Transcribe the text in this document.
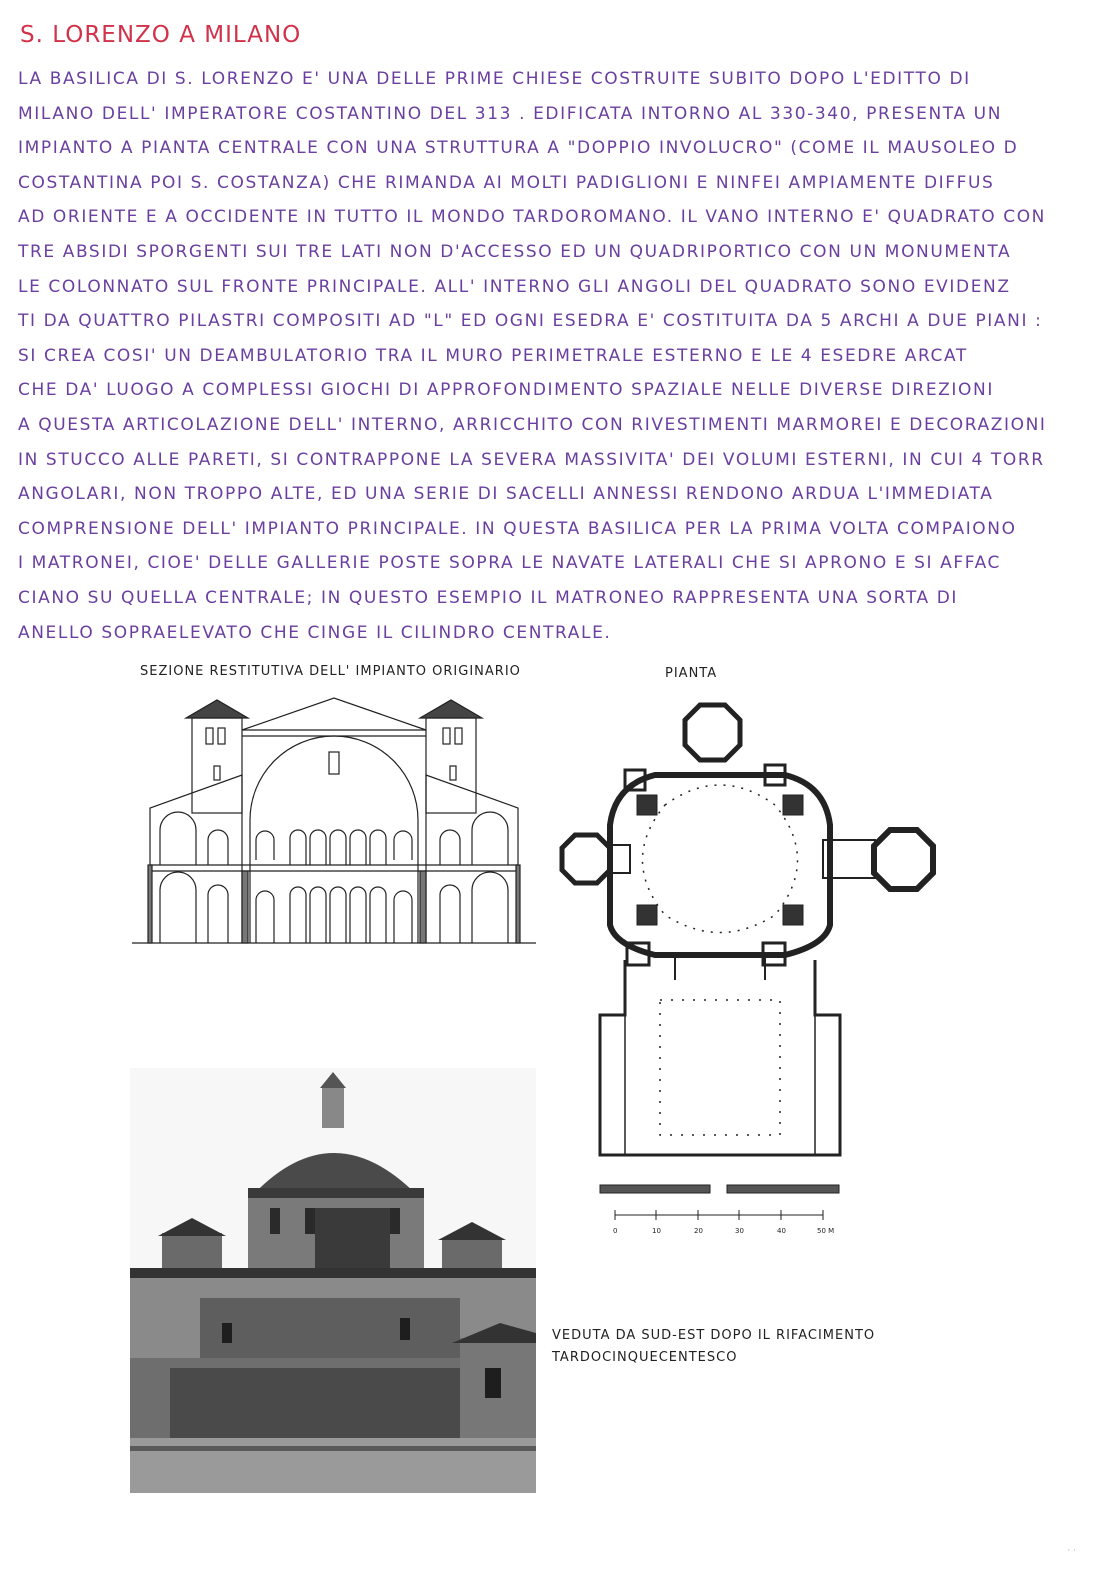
S. LORENZO A MILANO
LA BASILICA DI S. LORENZO E' UNA DELLE PRIME CHIESE COSTRUITE SUBITO DOPO L'EDITTO DI
MILANO DELL' IMPERATORE COSTANTINO DEL 313 . EDIFICATA INTORNO AL 330-340, PRESENTA UN
IMPIANTO A PIANTA CENTRALE CON UNA STRUTTURA A "DOPPIO INVOLUCRO" (COME IL MAUSOLEO D
COSTANTINA POI S. COSTANZA) CHE RIMANDA AI MOLTI PADIGLIONI E NINFEI AMPIAMENTE DIFFUS
AD ORIENTE E A OCCIDENTE IN TUTTO IL MONDO TARDOROMANO. IL VANO INTERNO E' QUADRATO CON
TRE ABSIDI SPORGENTI SUI TRE LATI NON D'ACCESSO ED UN QUADRIPORTICO CON UN MONUMENTA
LE COLONNATO SUL FRONTE PRINCIPALE. ALL' INTERNO GLI ANGOLI DEL QUADRATO SONO EVIDENZ
TI DA QUATTRO PILASTRI COMPOSITI AD "L" ED OGNI ESEDRA E' COSTITUITA DA 5 ARCHI A DUE PIANI :
SI CREA COSI' UN DEAMBULATORIO TRA IL MURO PERIMETRALE ESTERNO E LE 4 ESEDRE ARCAT
CHE DA' LUOGO A COMPLESSI GIOCHI DI APPROFONDIMENTO SPAZIALE NELLE DIVERSE DIREZIONI
A QUESTA ARTICOLAZIONE DELL' INTERNO, ARRICCHITO CON RIVESTIMENTI MARMOREI E DECORAZIONI
IN STUCCO ALLE PARETI, SI CONTRAPPONE LA SEVERA MASSIVITA' DEI VOLUMI ESTERNI, IN CUI 4 TORR
ANGOLARI, NON TROPPO ALTE, ED UNA SERIE DI SACELLI ANNESSI RENDONO ARDUA L'IMMEDIATA
COMPRENSIONE DELL' IMPIANTO PRINCIPALE. IN QUESTA BASILICA PER LA PRIMA VOLTA COMPAIONO
I MATRONEI, CIOE' DELLE GALLERIE POSTE SOPRA LE NAVATE LATERALI CHE SI APRONO E SI AFFAC
CIANO SU QUELLA CENTRALE; IN QUESTO ESEMPIO IL MATRONEO RAPPRESENTA UNA SORTA DI
ANELLO SOPRAELEVATO CHE CINGE IL CILINDRO CENTRALE.
SEZIONE RESTITUTIVA DELL' IMPIANTO ORIGINARIO	PIANTA
0	10	20	30	40	50 M
VEDUTA DA SUD-EST DOPO IL RIFACIMENTO
TARDOCINQUECENTESCO
· ·
